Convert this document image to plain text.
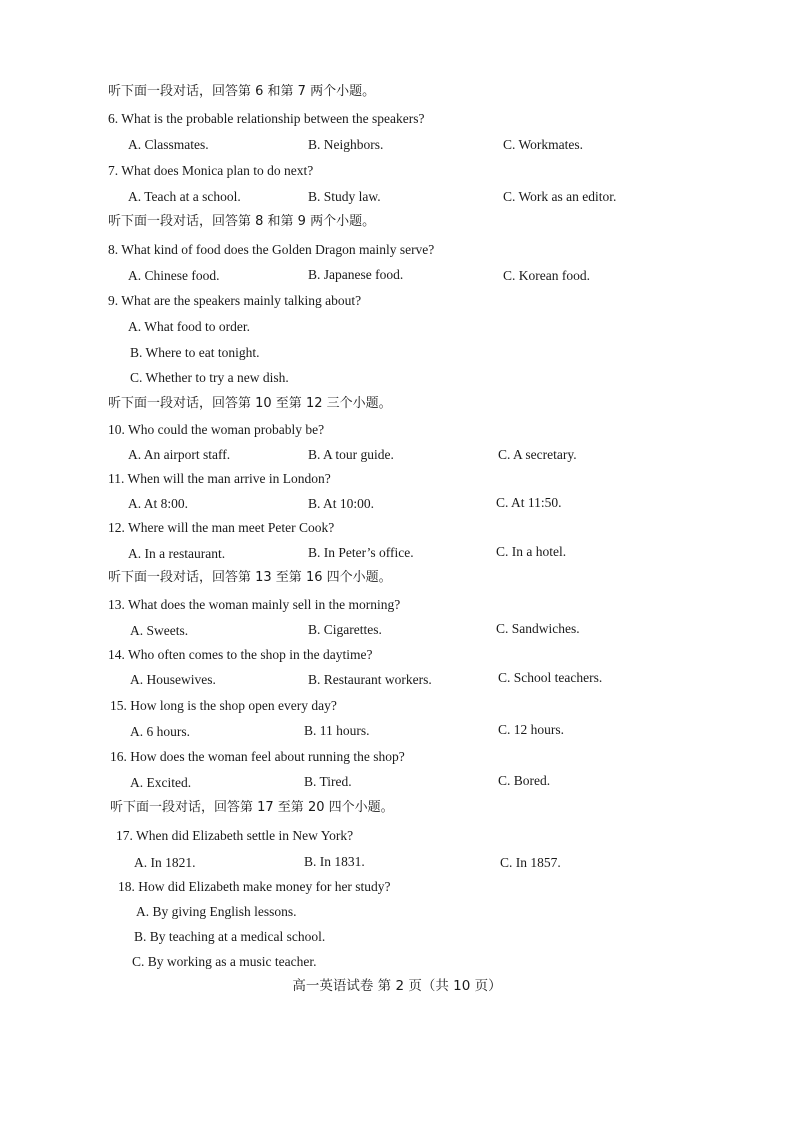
听下面一段对话，回答第 6 和第 7 两个小题。
6. What is the probable relationship between the speakers?
A. Classmates.	B. Neighbors.	C. Workmates.
7. What does Monica plan to do next?
A. Teach at a school.	B. Study law.	C. Work as an editor.
听下面一段对话，回答第 8 和第 9 两个小题。
8. What kind of food does the Golden Dragon mainly serve?
A. Chinese food.	B. Japanese food.	C. Korean food.
9. What are the speakers mainly talking about?
A. What food to order.
B. Where to eat tonight.
C. Whether to try a new dish.
听下面一段对话，回答第 10 至第 12 三个小题。
10. Who could the woman probably be?
A. An airport staff.	B. A tour guide.	C. A secretary.
11. When will the man arrive in London?
A. At 8:00.	B. At 10:00.	C. At 11:50.
12. Where will the man meet Peter Cook?
A. In a restaurant.	B. In Peter’s office.	C. In a hotel.
听下面一段对话，回答第 13 至第 16 四个小题。
13. What does the woman mainly sell in the morning?
A. Sweets.	B. Cigarettes.	C. Sandwiches.
14. Who often comes to the shop in the daytime?
A. Housewives.	B. Restaurant workers.	C. School teachers.
15. How long is the shop open every day?
A. 6 hours.	B. 11 hours.	C. 12 hours.
16. How does the woman feel about running the shop?
A. Excited.	B. Tired.	C. Bored.
听下面一段对话，回答第 17 至第 20 四个小题。
17. When did Elizabeth settle in New York?
A. In 1821.	B. In 1831.	C. In 1857.
18. How did Elizabeth make money for her study?
A. By giving English lessons.
B. By teaching at a medical school.
C. By working as a music teacher.
高一英语试卷 第 2 页（共 10 页）
